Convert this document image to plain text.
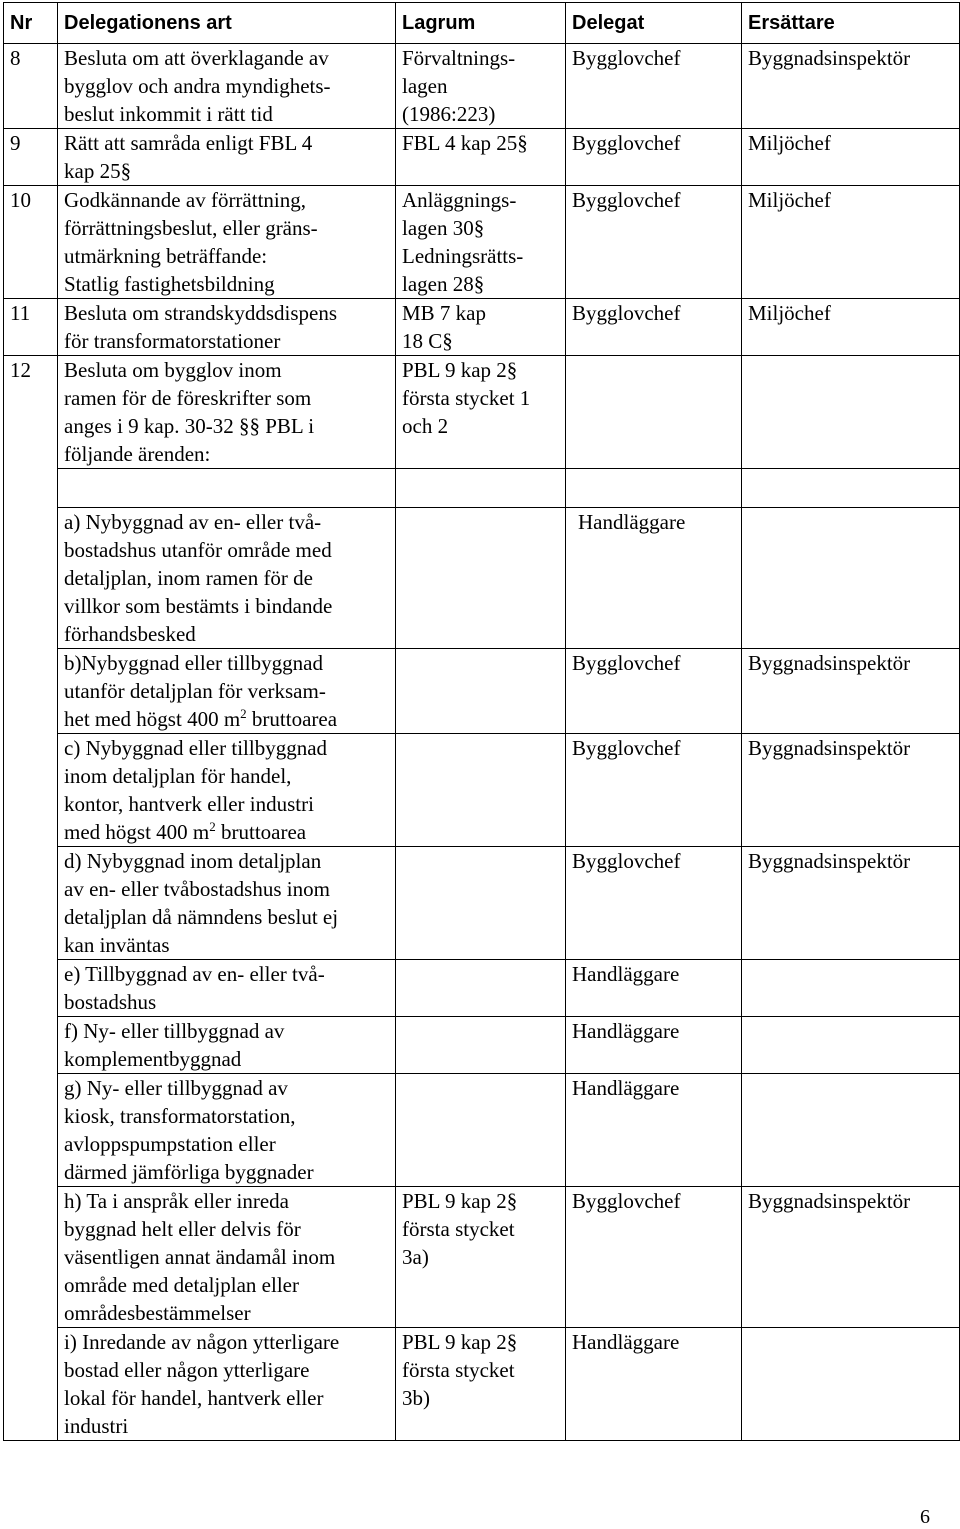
Nr	Delegationens art	Lagrum	Delegat	Ersättare
8	Besluta om att överklagande av
bygglov och andra myndighets-
beslut inkommit i rätt tid	Förvaltnings-
lagen
(1986:223)	Bygglovchef	Byggnadsinspektör
9	Rätt att samråda enligt FBL 4
kap 25§	FBL 4 kap 25§	Bygglovchef	Miljöchef
10	Godkännande av förrättning,
förrättningsbeslut, eller gräns-
utmärkning beträffande:
Statlig fastighetsbildning	Anläggnings-
lagen 30§
Ledningsrätts-
lagen 28§	Bygglovchef	Miljöchef
11	Besluta om strandskyddsdispens
för transformatorstationer	MB 7 kap
18 C§	Bygglovchef	Miljöchef
12	Besluta om bygglov inom
ramen för de föreskrifter som
anges i 9 kap. 30-32 §§ PBL i
följande ärenden:	PBL 9 kap 2§
första stycket 1
och 2		

	a) Nybyggnad av en- eller två-
bostadshus utanför område med
detaljplan, inom ramen för de
villkor som bestämts i bindande
förhandsbesked		Handläggare	
	b)Nybyggnad eller tillbyggnad
utanför detaljplan för verksam-
het med högst 400 $m^2$ bruttoarea		Bygglovchef	Byggnadsinspektör
	c) Nybyggnad eller tillbyggnad
inom detaljplan för handel,
kontor, hantverk eller industri
med högst 400 $m^2$ bruttoarea		Bygglovchef	Byggnadsinspektör
	d) Nybyggnad inom detaljplan
av en- eller tvåbostadshus inom
detaljplan då nämndens beslut ej
kan inväntas		Bygglovchef	Byggnadsinspektör
	e) Tillbyggnad av en- eller två-
bostadshus		Handläggare	
	f) Ny- eller tillbyggnad av
komplementbyggnad		Handläggare	
	g) Ny- eller tillbyggnad av
kiosk, transformatorstation,
avloppspumpstation eller
därmed jämförliga byggnader		Handläggare	
	h) Ta i anspråk eller inreda
byggnad helt eller delvis för
väsentligen annat ändamål inom
område med detaljplan eller
områdesbestämmelser	PBL 9 kap 2§
första stycket
3a)	Bygglovchef	Byggnadsinspektör
	i) Inredande av någon ytterligare
bostad eller någon ytterligare
lokal för handel, hantverk eller
industri	PBL 9 kap 2§
första stycket
3b)	Handläggare	
6
